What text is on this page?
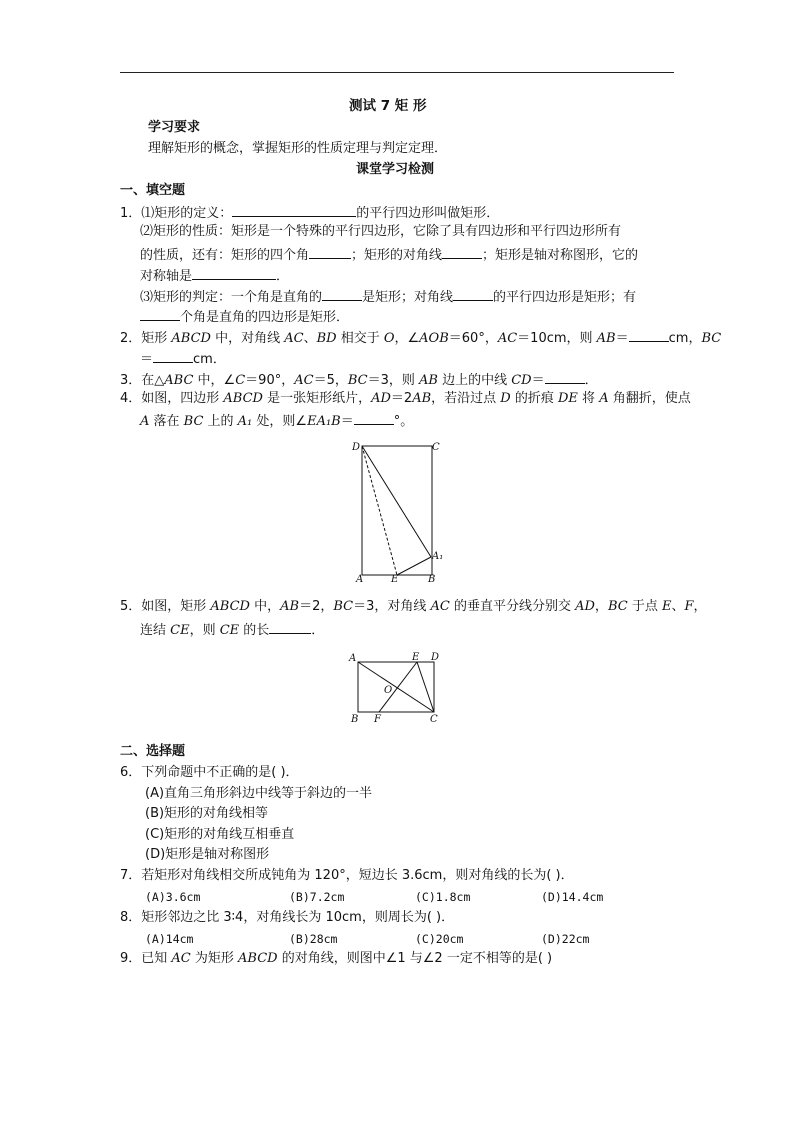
测试 7 矩 形
学习要求
理解矩形的概念，掌握矩形的性质定理与判定定理．
课堂学习检测
一、填空题
1．⑴矩形的定义：	的平行四边形叫做矩形．
⑵矩形的性质：矩形是一个特殊的平行四边形，它除了具有四边形和平行四边形所有
的性质，还有：矩形的四个角	；矩形的对角线	；矩形是轴对称图形，它的
对称轴是	．
⑶矩形的判定：一个角是直角的	是矩形；对角线	的平行四边形是矩形；有
个角是直角的四边形是矩形．
2．矩形 ABCD 中，对角线 AC、BD 相交于 O，∠AOB＝60°，AC＝10cm，则 AB＝	cm，BC
＝	cm．
3．在△ABC 中，∠C＝90°，AC＝5，BC＝3，则 AB 边上的中线 CD＝	．
4．如图，四边形 ABCD 是一张矩形纸片，AD＝2AB，若沿过点 D 的折痕 DE 将 A 角翻折，使点
A 落在 BC 上的 A₁ 处，则∠EA₁B＝	°。
D	C
A₁
A	E	B
5．如图，矩形 ABCD 中，AB＝2，BC＝3，对角线 AC 的垂直平分线分别交 AD，BC 于点 E、F，
连结 CE，则 CE 的长	．
A	E D
O
B F	C
二、选择题
6．下列命题中不正确的是( )．
(A)直角三角形斜边中线等于斜边的一半
(B)矩形的对角线相等
(C)矩形的对角线互相垂直
(D)矩形是轴对称图形
7．若矩形对角线相交所成钝角为 120°，短边长 3.6cm，则对角线的长为( )．
(A)3.6cm	(B)7.2cm	(C)1.8cm	(D)14.4cm
8．矩形邻边之比 3∶4，对角线长为 10cm，则周长为( )．
(A)14cm	(B)28cm	(C)20cm	(D)22cm
9．已知 AC 为矩形 ABCD 的对角线，则图中∠1 与∠2 一定不相等的是( )
